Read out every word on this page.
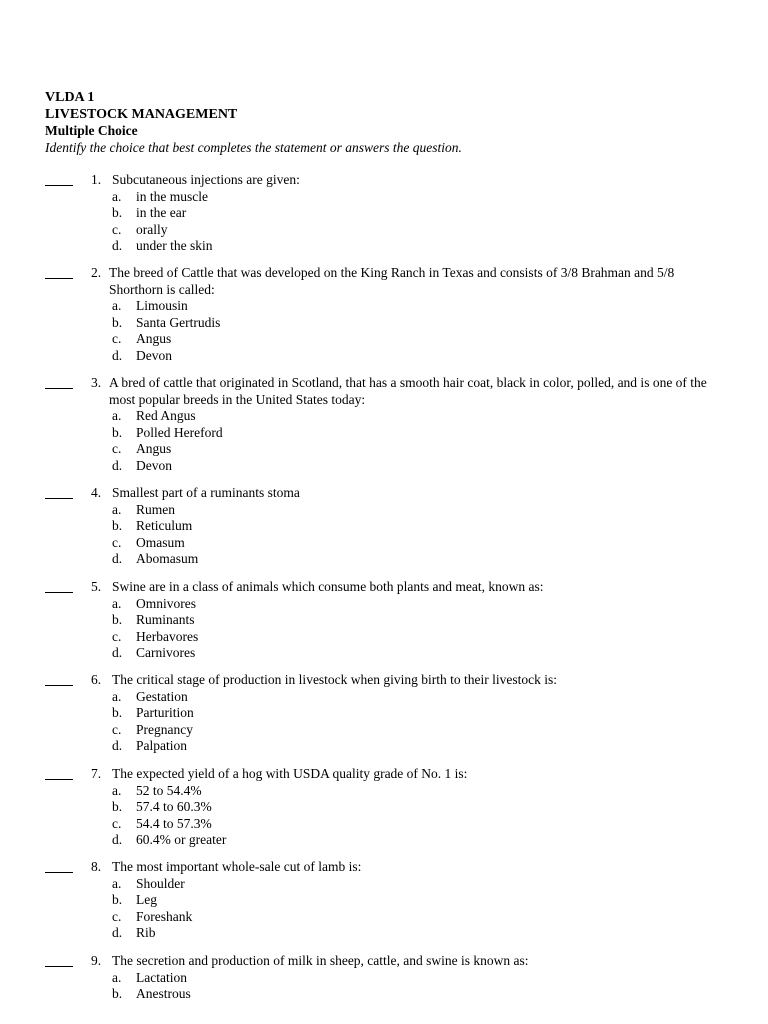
VLDA 1
LIVESTOCK MANAGEMENT
Multiple Choice
Identify the choice that best completes the statement or answers the question.
1. Subcutaneous injections are given:
a. in the muscle
b. in the ear
c. orally
d. under the skin
2. The breed of Cattle that was developed on the King Ranch in Texas and consists of 3/8 Brahman and 5/8 Shorthorn is called:
a. Limousin
b. Santa Gertrudis
c. Angus
d. Devon
3. A bred of cattle that originated in Scotland, that has a smooth hair coat, black in color, polled, and is one of the most popular breeds in the United States today:
a. Red Angus
b. Polled Hereford
c. Angus
d. Devon
4. Smallest part of a ruminants stoma
a. Rumen
b. Reticulum
c. Omasum
d. Abomasum
5. Swine are in a class of animals which consume both plants and meat, known as:
a. Omnivores
b. Ruminants
c. Herbavores
d. Carnivores
6. The critical stage of production in livestock when giving birth to their livestock is:
a. Gestation
b. Parturition
c. Pregnancy
d. Palpation
7. The expected yield of a hog with USDA quality grade of No. 1 is:
a. 52 to 54.4%
b. 57.4 to 60.3%
c. 54.4 to 57.3%
d. 60.4% or greater
8. The most important whole-sale cut of lamb is:
a. Shoulder
b. Leg
c. Foreshank
d. Rib
9. The secretion and production of milk in sheep, cattle, and swine is known as:
a. Lactation
b. Anestrous
